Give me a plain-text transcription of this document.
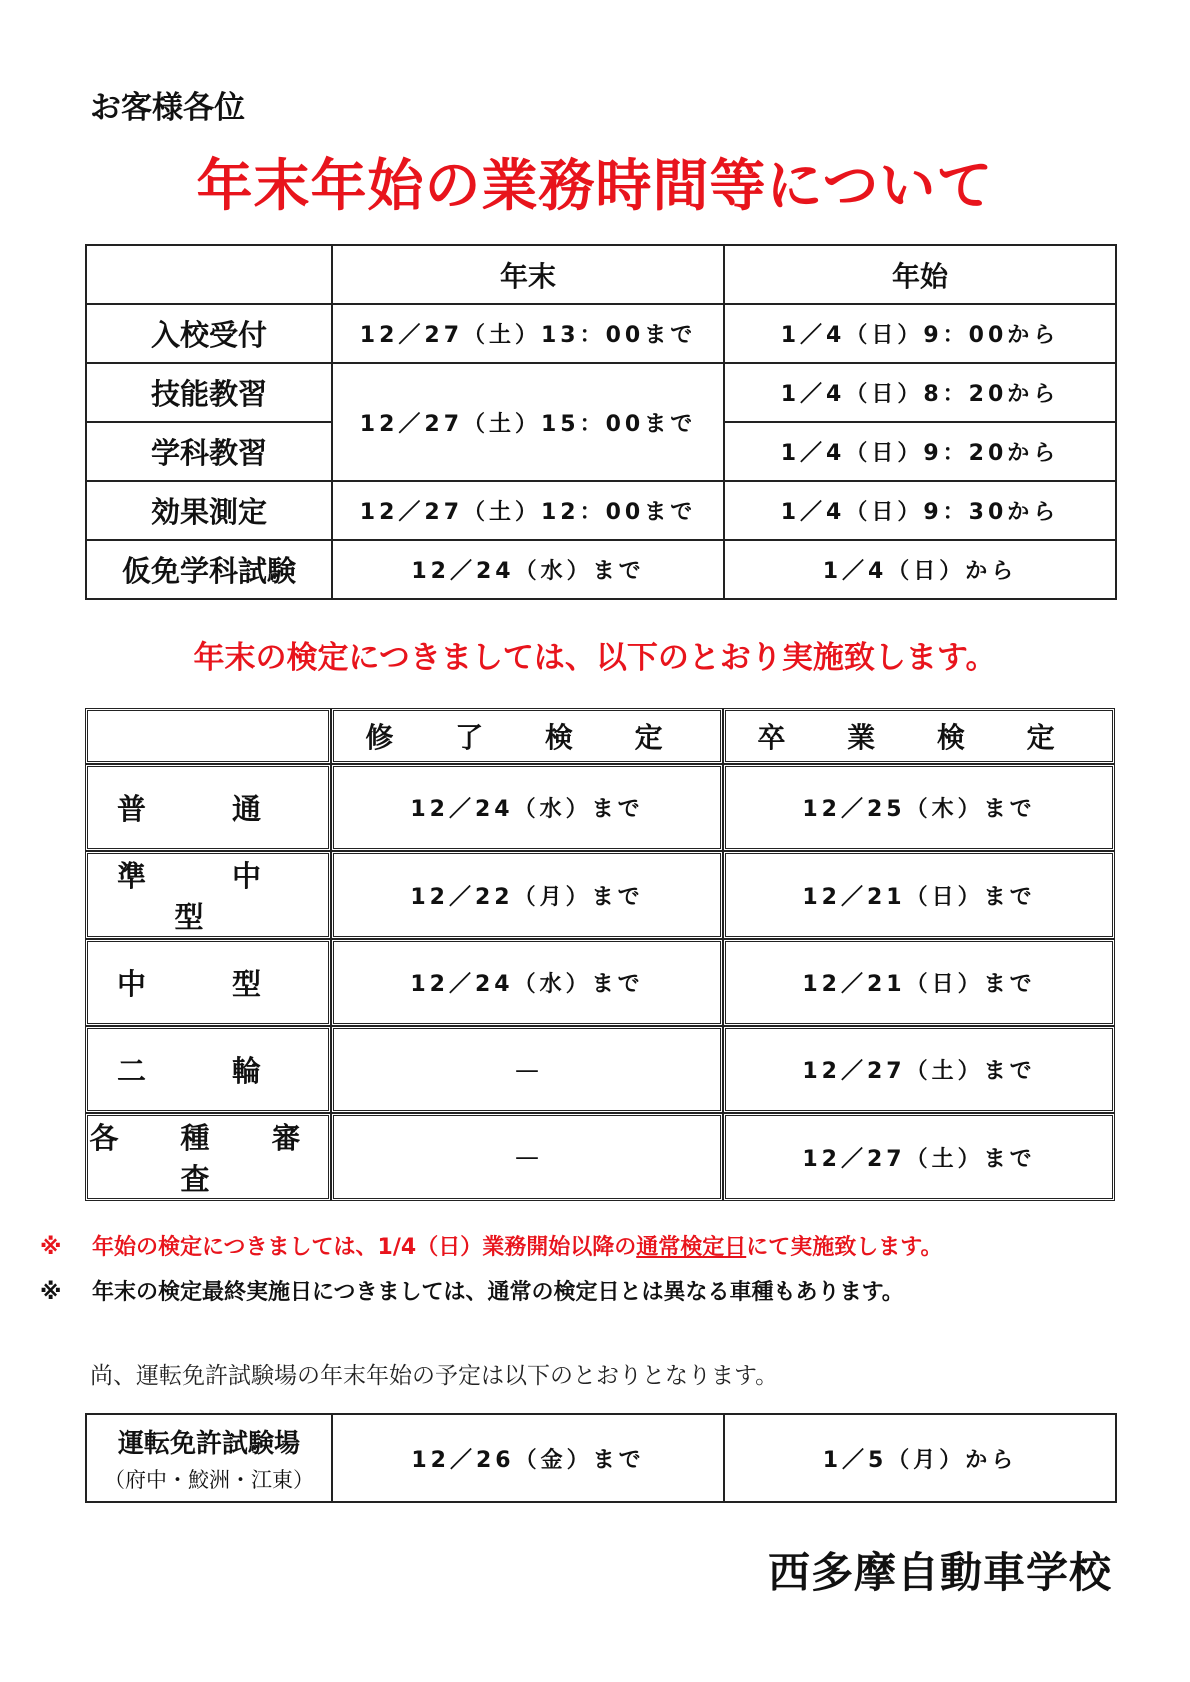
お客様各位
年末年始の業務時間等について
	年末	年始
入校受付	12／27（土）13：00まで	1／4（日）9：00から
技能教習	12／27（土）15：00まで	1／4（日）8：20から
学科教習		1／4（日）9：20から
効果測定	12／27（土）12：00まで	1／4（日）9：30から
仮免学科試験	12／24（水）まで	1／4（日）から
年末の検定につきましては、以下のとおり実施致します。
	修 了 検 定	卒 業 検 定
普 通	12／24（水）まで	12／25（木）まで
準 中 型	12／22（月）まで	12／21（日）まで
中 型	12／24（水）まで	12／21（日）まで
二 輪	—	12／27（土）まで
各 種 審 査	—	12／27（土）まで
※ 年始の検定につきましては、1/4（日）業務開始以降の通常検定日にて実施致します。
※ 年末の検定最終実施日につきましては、通常の検定日とは異なる車種もあります。
尚、運転免許試験場の年末年始の予定は以下のとおりとなります。
運転免許試験場
（府中・鮫洲・江東）
	12／26（金）まで	1／5（月）から
西多摩自動車学校
